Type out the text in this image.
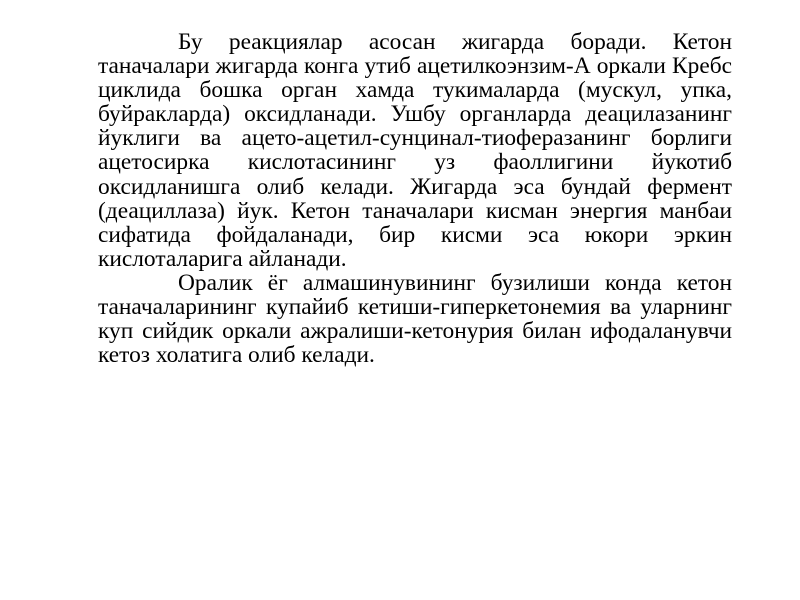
Бу реакциялар асосан жигарда боради. Кетон таначалари жигарда конга утиб ацетилкоэнзим-А оркали Кребс циклида бошка орган хамда тукималарда (мускул, упка, буйракларда) оксидланади. Ушбу органларда деацилазанинг йуклиги ва ацето-ацетил-сунцинал-тиоферазанинг борлиги ацетосирка кислотасининг уз фаоллигини йукотиб оксидланишга олиб келади. Жигарда эса бундай фермент (деациллаза) йук. Кетон таначалари кисман энергия манбаи сифатида фойдаланади, бир кисми эса юкори эркин кислоталарига айланади.

Оралик ёг алмашинувининг бузилиши конда кетон таначаларининг купайиб кетиши-гиперкетонемия ва уларнинг куп сийдик оркали ажралиши-кетонурия билан ифодаланувчи кетоз холатига олиб келади.
